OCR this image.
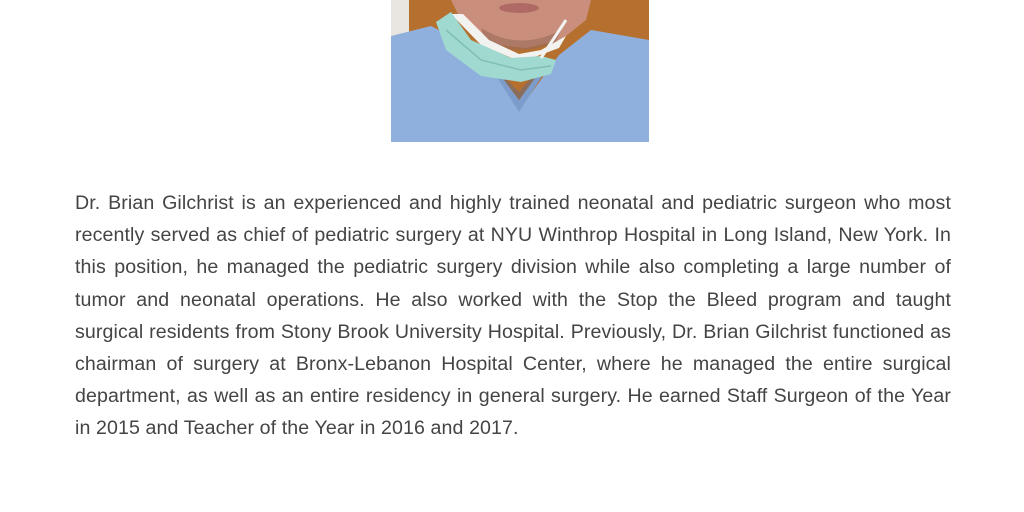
Dr. Brian Gilchrist is an experienced and highly trained neonatal and pediatric surgeon who most recently served as chief of pediatric surgery at NYU Winthrop Hospital in Long Island, New York. In this position, he managed the pediatric surgery division while also completing a large number of tumor and neonatal operations. He also worked with the Stop the Bleed program and taught surgical residents from Stony Brook University Hospital. Previously, Dr. Brian Gilchrist functioned as chairman of surgery at Bronx-Lebanon Hospital Center, where he managed the entire surgical department, as well as an entire residency in general surgery. He earned Staff Surgeon of the Year in 2015 and Teacher of the Year in 2016 and 2017.
